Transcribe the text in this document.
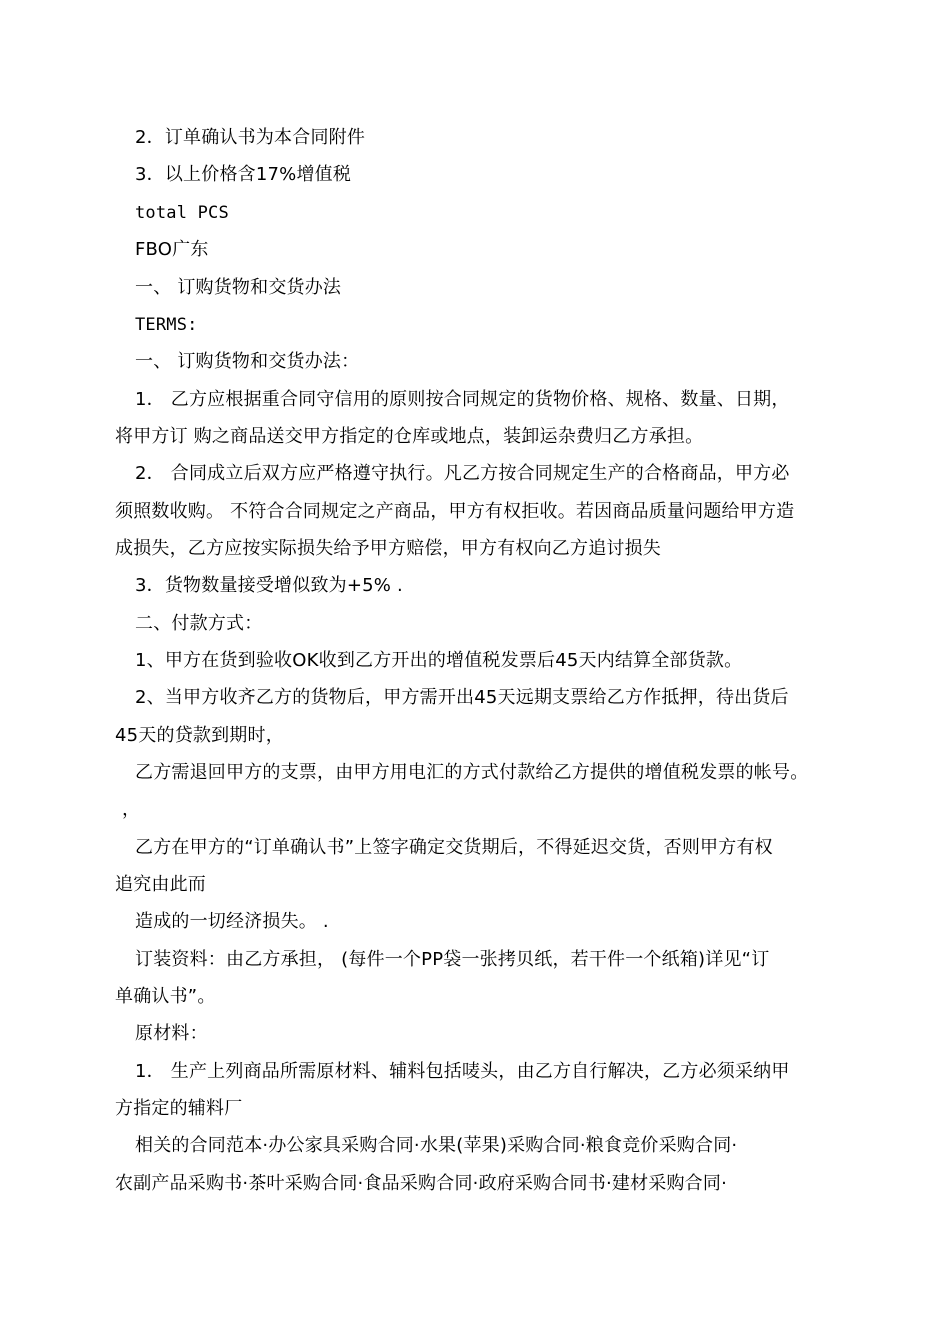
2．订单确认书为本合同附件
3．以上价格含17%增值税
total PCS
FBO广东
一、 订购货物和交货办法
TERMS:
一、 订购货物和交货办法：
1． 乙方应根据重合同守信用的原则按合同规定的货物价格、规格、数量、日期，
将甲方订 购之商品送交甲方指定的仓库或地点，装卸运杂费归乙方承担。
2． 合同成立后双方应严格遵守执行。凡乙方按合同规定生产的合格商品，甲方必
须照数收购。 不符合合同规定之产商品，甲方有权拒收。若因商品质量问题给甲方造
成损失，乙方应按实际损失给予甲方赔偿，甲方有权向乙方追讨损失
3．货物数量接受增似致为+5% .
二、付款方式：
1、甲方在货到验收OK收到乙方开出的增值税发票后45天内结算全部货款。
2、当甲方收齐乙方的货物后，甲方需开出45天远期支票给乙方作抵押，待出货后
45天的贷款到期时，
乙方需退回甲方的支票，由甲方用电汇的方式付款给乙方提供的增值税发票的帐号。
，
乙方在甲方的“订单确认书”上签字确定交货期后，不得延迟交货，否则甲方有权
追究由此而
造成的一切经济损失。 .
订装资料：由乙方承担， (每件一个PP袋一张拷贝纸，若干件一个纸箱)详见“订
单确认书”。
原材料：
1． 生产上列商品所需原材料、辅料包括唛头，由乙方自行解决，乙方必须采纳甲
方指定的辅料厂
相关的合同范本·办公家具采购合同·水果(苹果)采购合同·粮食竞价采购合同·
农副产品采购书·茶叶采购合同·食品采购合同·政府采购合同书·建材采购合同·
